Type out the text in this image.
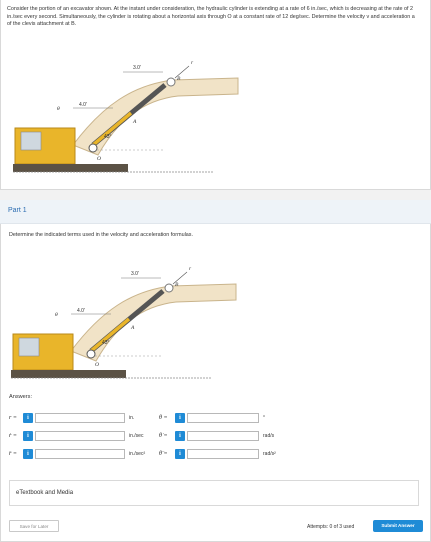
Consider the portion of an excavator shown. At the instant under consideration, the hydraulic cylinder is extending at a rate of 6 in./sec, which is decreasing at the rate of 2 in./sec every second. Simultaneously, the cylinder is rotating about a horizontal axis through O at a constant rate of 12 deg/sec. Determine the velocity v and acceleration a of the clevis attachment at B.
3.0'
B
A
4.0'
43°
O
θ
r
Part 1
Determine the indicated terms used in the velocity and acceleration formulas.
3.0'
B
A
4.0'
43°
O
θ
r
Answers:
r =	i	in.	θ =	i	°
ṙ =	i	in./sec	θ̇ =	i	rad/s
r̈ =	i	in./sec² θ̈ =	i	rad/s²
eTextbook and Media
Save for Later	Attempts: 0 of 3 used	Submit Answer
